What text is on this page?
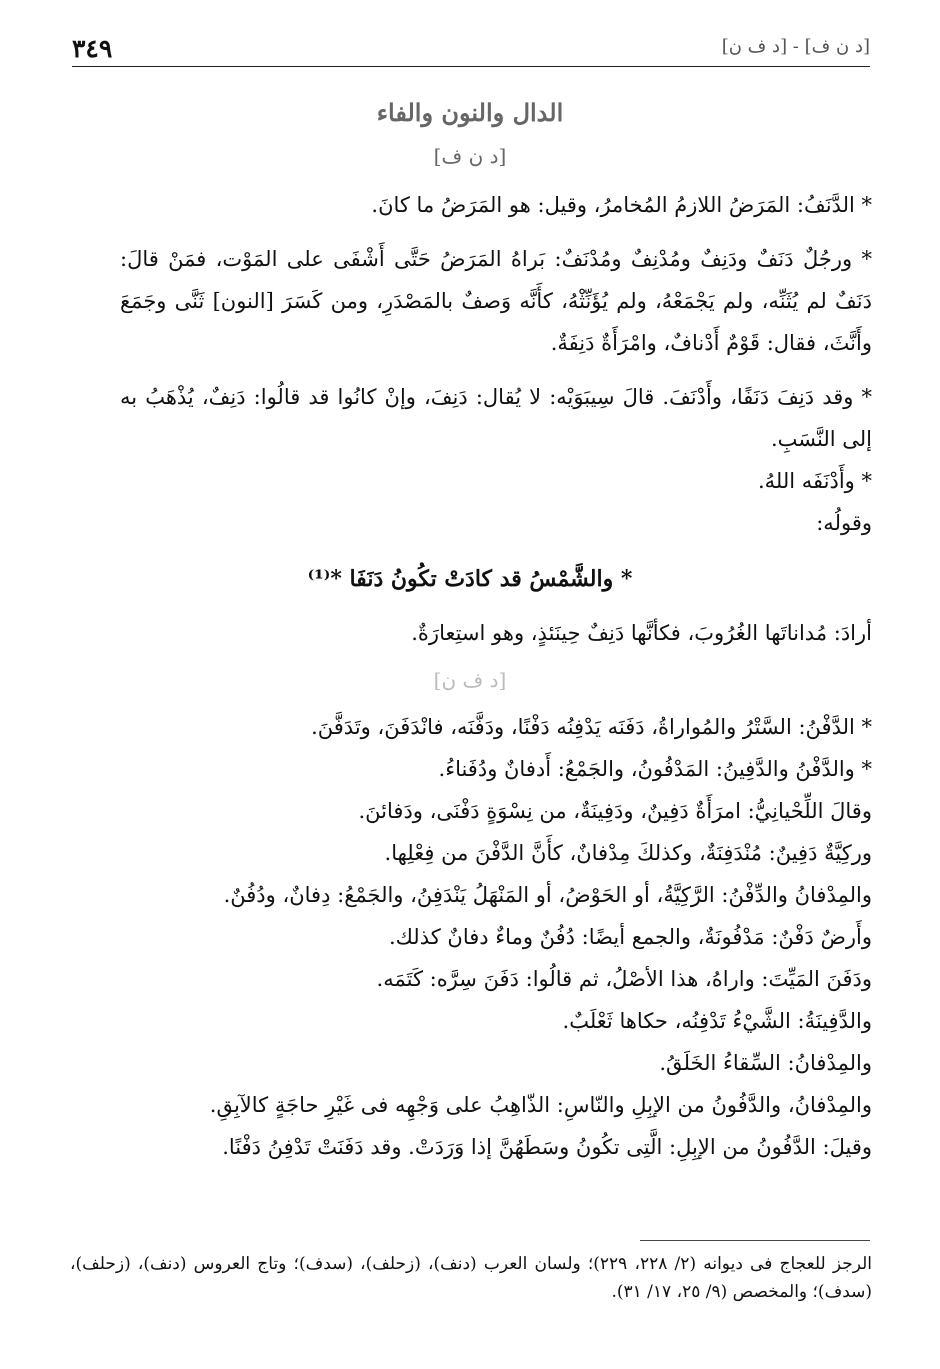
[د ن ف] - [د ف ن]
٣٤٩
الدال والنون والفاء
[د ن ف]

* الدَّنَفُ: المَرَضُ اللازمُ المُخامرُ، وقيل: هو المَرَضُ ما كانَ.

* ورجُلٌ دَنَفٌ ودَنِفٌ ومُدْنِفٌ ومُدْنَفٌ: بَراهُ المَرَضُ حَتَّى أَشْفَى على المَوْت، فمَنْ قالَ: دَنَفٌ لم يُثَنِّه، ولم يَجْمَعْهُ، ولم يُؤَنِّثْهُ، كأَنَّه وَصفٌ بالمَصْدَرِ، ومن كَسَرَ [النون] ثَنَّى وجَمَعَ وأَنَّثَ، فقال: قَوْمٌ أَدْنافٌ، وامْرَأَةٌ دَنِفَةٌ.

* وقد دَنِفَ دَنَفًا، وأَدْنَفَ. قالَ سِيبَوَيْه: لا يُقال: دَنِفَ، وإنْ كانُوا قد قالُوا: دَنِفٌ، يُذْهَبُ به إلى النَّسَبِ.

* وأَدْنَفَه اللهُ.

وقولُه:

* والشَّمْسُ قد كادَتْ تكُونُ دَنَفَا *⁽¹⁾
أرادَ: مُداناتَها الغُرُوبَ، فكأنَّها دَنِفٌ حِينَئذٍ، وهو استِعارَةٌ.
[د ف ن]

* الدَّفْنُ: السَّتْرُ والمُواراةُ، دَفَنَه يَدْفِنُه دَفْنًا، ودَفَّنَه، فانْدَفَنَ، وتَدَفَّنَ.

* والدَّفْنُ والدَّفِينُ: المَدْفُونُ، والجَمْعُ: أَدفانٌ ودُفَناءُ.

وقالَ اللِّحْيانِيُّ: امرَأَةٌ دَفِينٌ، ودَفِينَةٌ، من نِسْوَةٍ دَفْنَى، ودَفائنَ.

وركِيَّةٌ دَفِينٌ: مُنْدَفِنَةٌ، وكذلكَ مِدْفانٌ، كأَنَّ الدَّفْنَ من فِعْلِها.

والمِدْفانُ والدِّفْنُ: الرَّكِيَّةُ، أو الحَوْضُ، أو المَنْهَلُ يَنْدَفِنُ، والجَمْعُ: دِفانٌ، ودُفُنٌ.

وأَرضٌ دَفْنٌ: مَدْفُونَةٌ، والجمع أيضًا: دُفُنٌ وماءٌ دفانٌ كذلك.

ودَفَنَ المَيِّتَ: واراهُ، هذا الأصْلُ، ثم قالُوا: دَفَنَ سِرَّه: كَتَمَه.

والدَّفِينَةُ: الشَّيْءُ تَدْفِنُه، حكاها ثَعْلَبٌ.

والمِدْفانُ: السِّقاءُ الخَلَقُ.

والمِدْفانُ، والدَّفُونُ من الإبِلِ والنّاسِ: الذّاهِبُ على وَجْهِه فى غَيْرِ حاجَةٍ كالآبِقِ.

وقيلَ: الدَّفُونُ من الإبِلِ: الَّتِى تكُونُ وسَطَهُنَّ إذا وَرَدَتْ. وقد دَفَنَتْ تَدْفِنُ دَفْنًا.

الرجز للعجاج فى ديوانه (٢/ ٢٢٨، ٢٢٩)؛ ولسان العرب (دنف)، (زحلف)، (سدف)؛ وتاج العروس (دنف)، (زحلف)، (سدف)؛ والمخصص (٩/ ٢٥، ١٧/ ٣١).
